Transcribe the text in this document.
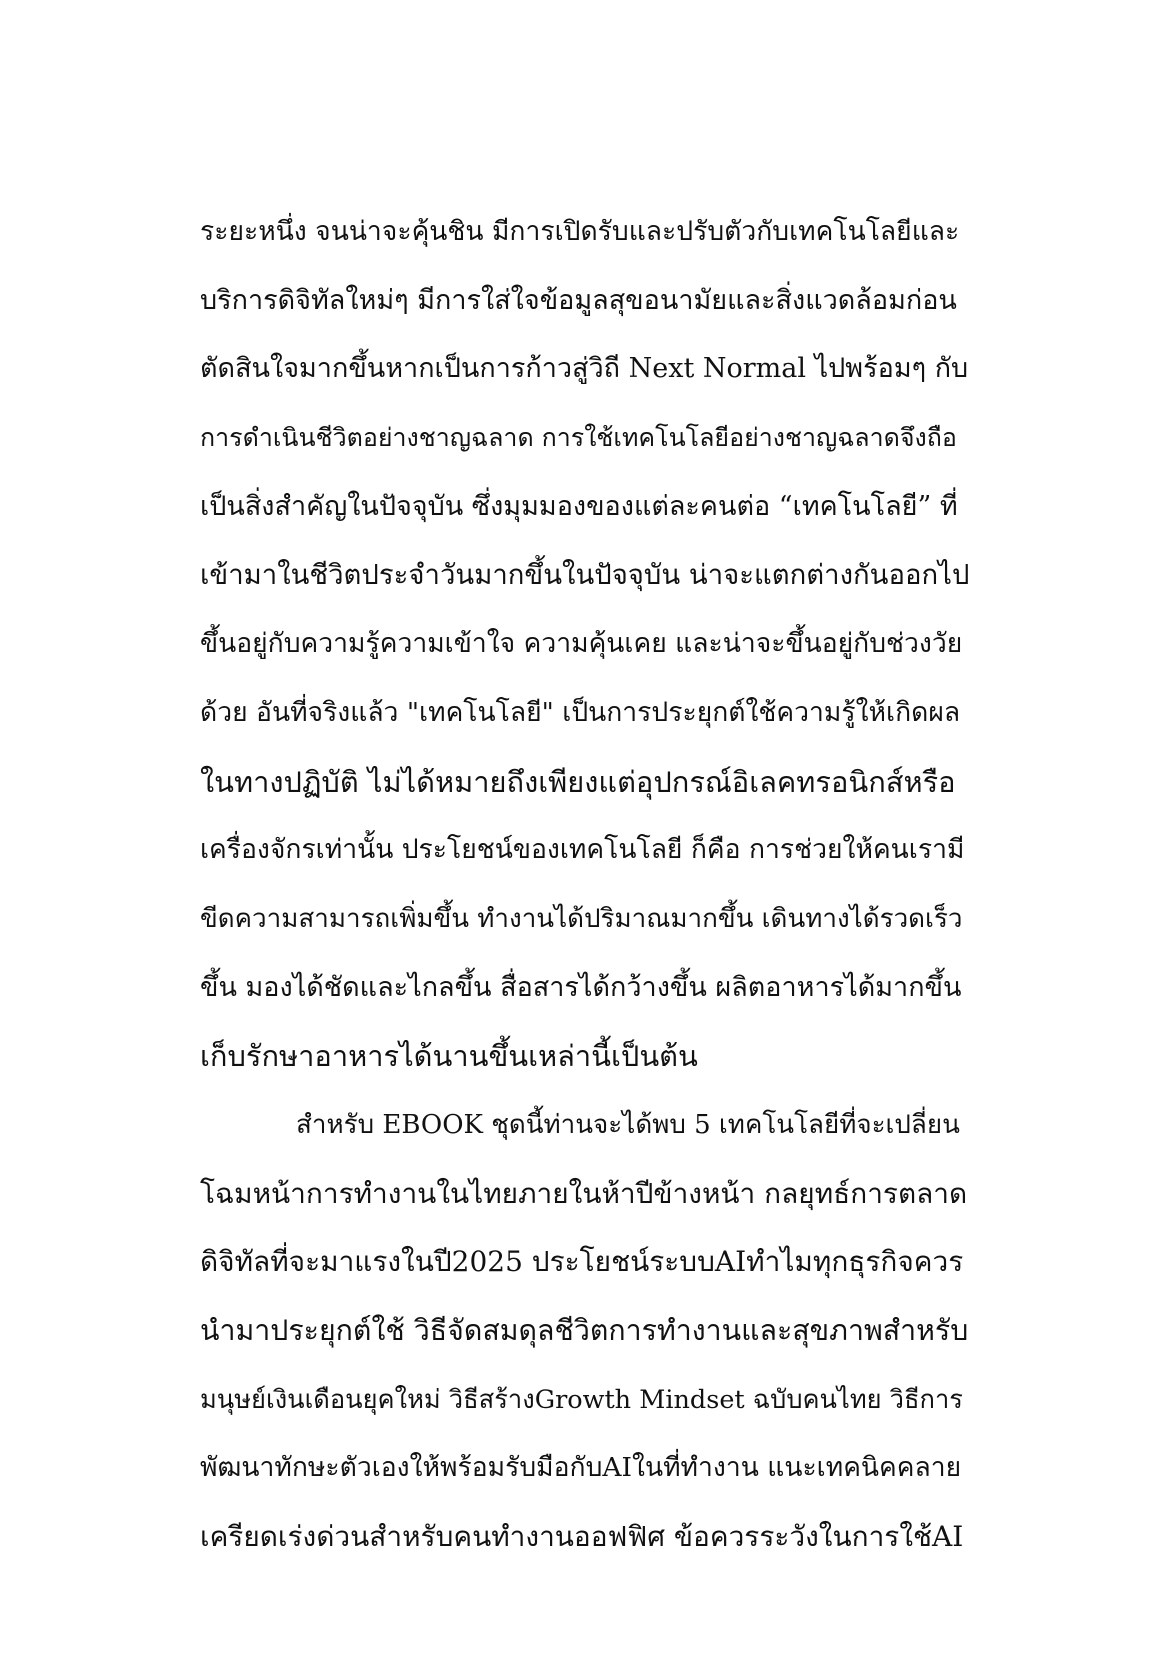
ระยะหนึ่ง จนน่าจะคุ้นชิน มีการเปิดรับและปรับตัวกับเทคโนโลยีและ
บริการดิจิทัลใหม่ๆ มีการใส่ใจข้อมูลสุขอนามัยและสิ่งแวดล้อมก่อน
ตัดสินใจมากขึ้นหากเป็นการก้าวสู่วิถี Next Normal ไปพร้อมๆ กับ
การดำเนินชีวิตอย่างชาญฉลาด การใช้เทคโนโลยีอย่างชาญฉลาดจึงถือ
เป็นสิ่งสำคัญในปัจจุบัน ซึ่งมุมมองของแต่ละคนต่อ “เทคโนโลยี” ที่
เข้ามาในชีวิตประจำวันมากขึ้นในปัจจุบัน น่าจะแตกต่างกันออกไป
ขึ้นอยู่กับความรู้ความเข้าใจ ความคุ้นเคย และน่าจะขึ้นอยู่กับช่วงวัย
ด้วย อันที่จริงแล้ว "เทคโนโลยี" เป็นการประยุกต์ใช้ความรู้ให้เกิดผล
ในทางปฏิบัติ ไม่ได้หมายถึงเพียงแต่อุปกรณ์อิเลคทรอนิกส์หรือ
เครื่องจักรเท่านั้น ประโยชน์ของเทคโนโลยี ก็คือ การช่วยให้คนเรามี
ขีดความสามารถเพิ่มขึ้น ทำงานได้ปริมาณมากขึ้น เดินทางได้รวดเร็ว
ขึ้น มองได้ชัดและไกลขึ้น สื่อสารได้กว้างขึ้น ผลิตอาหารได้มากขึ้น
เก็บรักษาอาหารได้นานขึ้นเหล่านี้เป็นต้น
สำหรับ EBOOK ชุดนี้ท่านจะได้พบ 5 เทคโนโลยีที่จะเปลี่ยน
โฉมหน้าการทำงานในไทยภายในห้าปีข้างหน้า กลยุทธ์การตลาด
ดิจิทัลที่จะมาแรงในปี2025 ประโยชน์ระบบAIทำไมทุกธุรกิจควร
นำมาประยุกต์ใช้ วิธีจัดสมดุลชีวิตการทำงานและสุขภาพสำหรับ
มนุษย์เงินเดือนยุคใหม่ วิธีสร้างGrowth Mindset ฉบับคนไทย วิธีการ
พัฒนาทักษะตัวเองให้พร้อมรับมือกับAIในที่ทำงาน แนะเทคนิคคลาย
เครียดเร่งด่วนสำหรับคนทำงานออฟฟิศ ข้อควรระวังในการใช้AI
